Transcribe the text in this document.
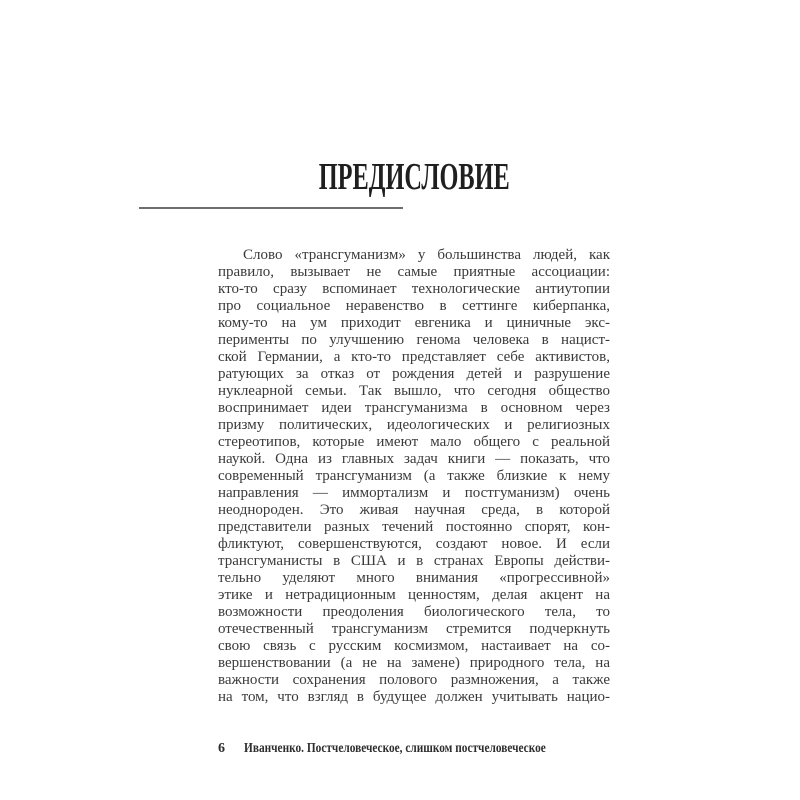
ПРЕДИСЛОВИЕ
Слово «трансгуманизм» у большинства людей, как
правило, вызывает не самые приятные ассоциации:
кто-то сразу вспоминает технологические антиутопии
про социальное неравенство в сеттинге киберпанка,
кому-то на ум приходит евгеника и циничные экс-
перименты по улучшению генома человека в нацист-
ской Германии, а кто-то представляет себе активистов,
ратующих за отказ от рождения детей и разрушение
нуклеарной семьи. Так вышло, что сегодня общество
воспринимает идеи трансгуманизма в основном через
призму политических, идеологических и религиозных
стереотипов, которые имеют мало общего с реальной
наукой. Одна из главных задач книги — показать, что
современный трансгуманизм (а также близкие к нему
направления — иммортализм и постгуманизм) очень
неоднороден. Это живая научная среда, в которой
представители разных течений постоянно спорят, кон-
фликтуют, совершенствуются, создают новое. И если
трансгуманисты в США и в странах Европы действи-
тельно уделяют много внимания «прогрессивной»
этике и нетрадиционным ценностям, делая акцент на
возможности преодоления биологического тела, то
отечественный трансгуманизм стремится подчеркнуть
свою связь с русским космизмом, настаивает на со-
вершенствовании (а не на замене) природного тела, на
важности сохранения полового размножения, а также
на том, что взгляд в будущее должен учитывать нацио-
6 Иванченко. Постчеловеческое, слишком постчеловеческое
